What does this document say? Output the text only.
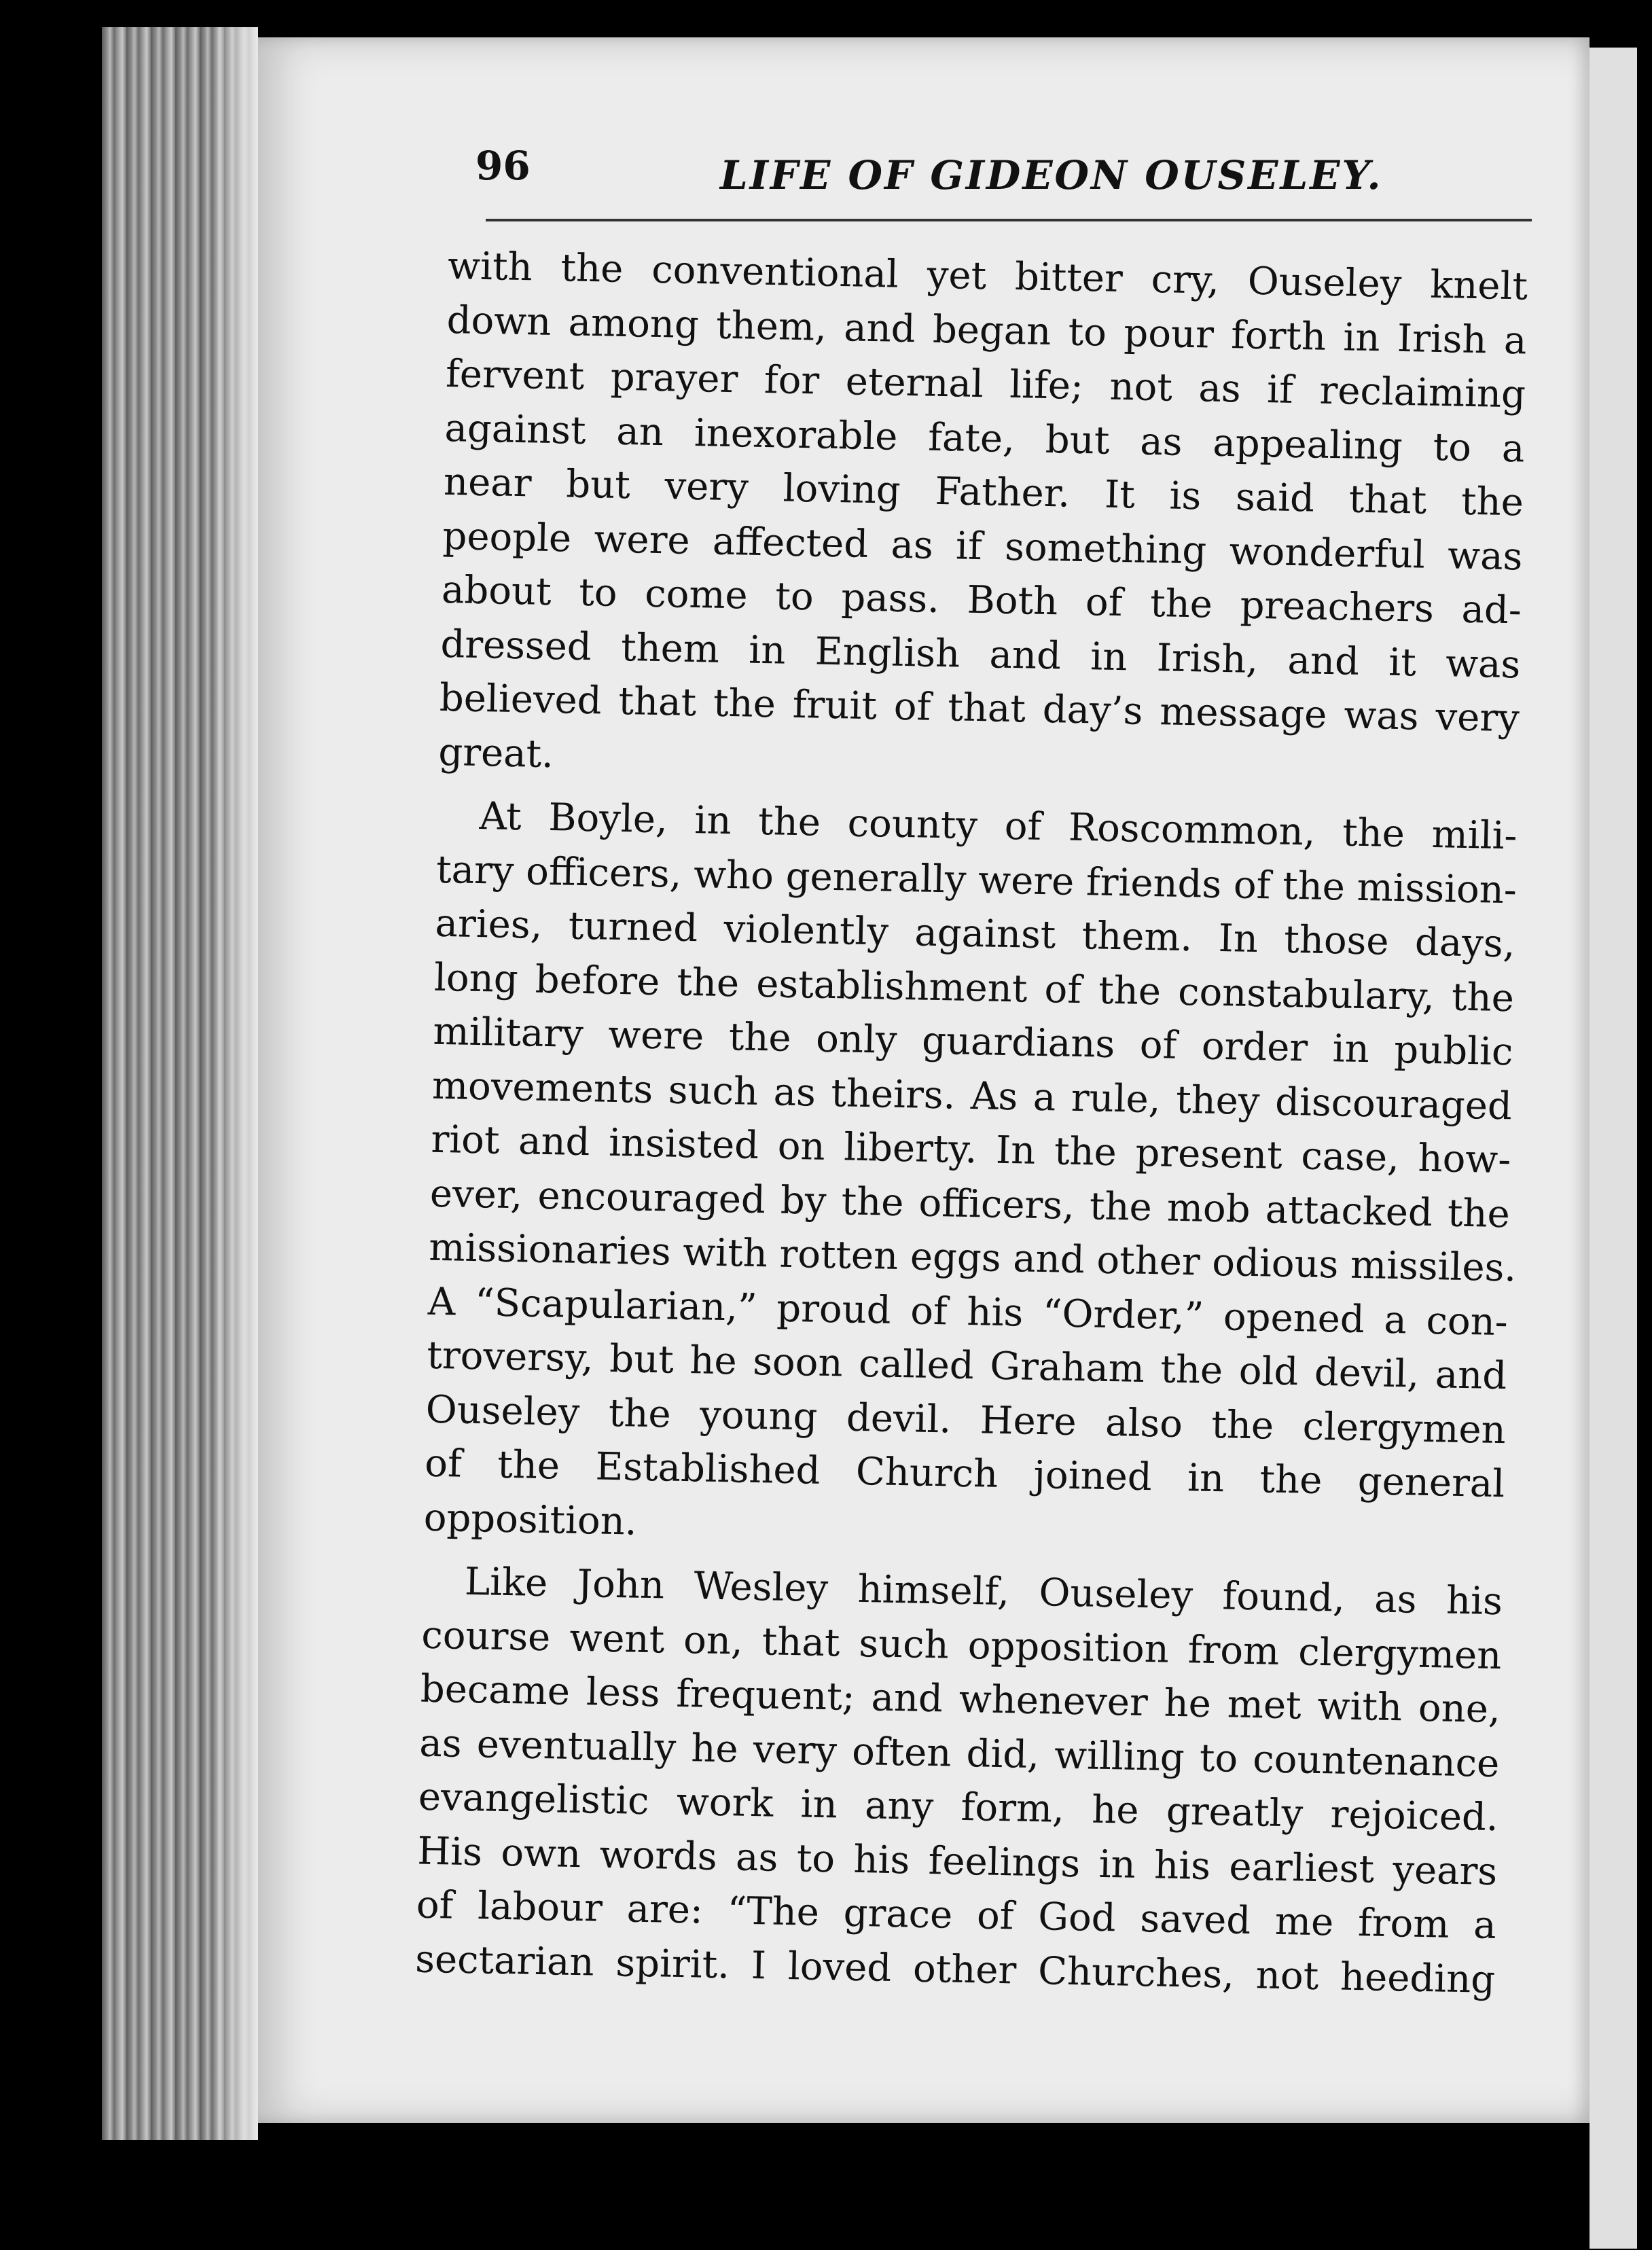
96	LIFE OF GIDEON OUSELEY.
with the conventional yet bitter cry, Ouseley knelt
down among them, and began to pour forth in Irish a
fervent prayer for eternal life; not as if reclaiming
against an inexorable fate, but as appealing to a
near but very loving Father. It is said that the
people were affected as if something wonderful was
about to come to pass. Both of the preachers ad-
dressed them in English and in Irish, and it was
believed that the fruit of that day’s message was very
great.
At Boyle, in the county of Roscommon, the mili-
tary officers, who generally were friends of the mission-
aries, turned violently against them. In those days,
long before the establishment of the constabulary, the
military were the only guardians of order in public
movements such as theirs. As a rule, they discouraged
riot and insisted on liberty. In the present case, how-
ever, encouraged by the officers, the mob attacked the
missionaries with rotten eggs and other odious missiles.
A “Scapularian,” proud of his “Order,” opened a con-
troversy, but he soon called Graham the old devil, and
Ouseley the young devil. Here also the clergymen
of the Established Church joined in the general
opposition.
Like John Wesley himself, Ouseley found, as his
course went on, that such opposition from clergymen
became less frequent; and whenever he met with one,
as eventually he very often did, willing to countenance
evangelistic work in any form, he greatly rejoiced.
His own words as to his feelings in his earliest years
of labour are: “The grace of God saved me from a
sectarian spirit. I loved other Churches, not heeding
